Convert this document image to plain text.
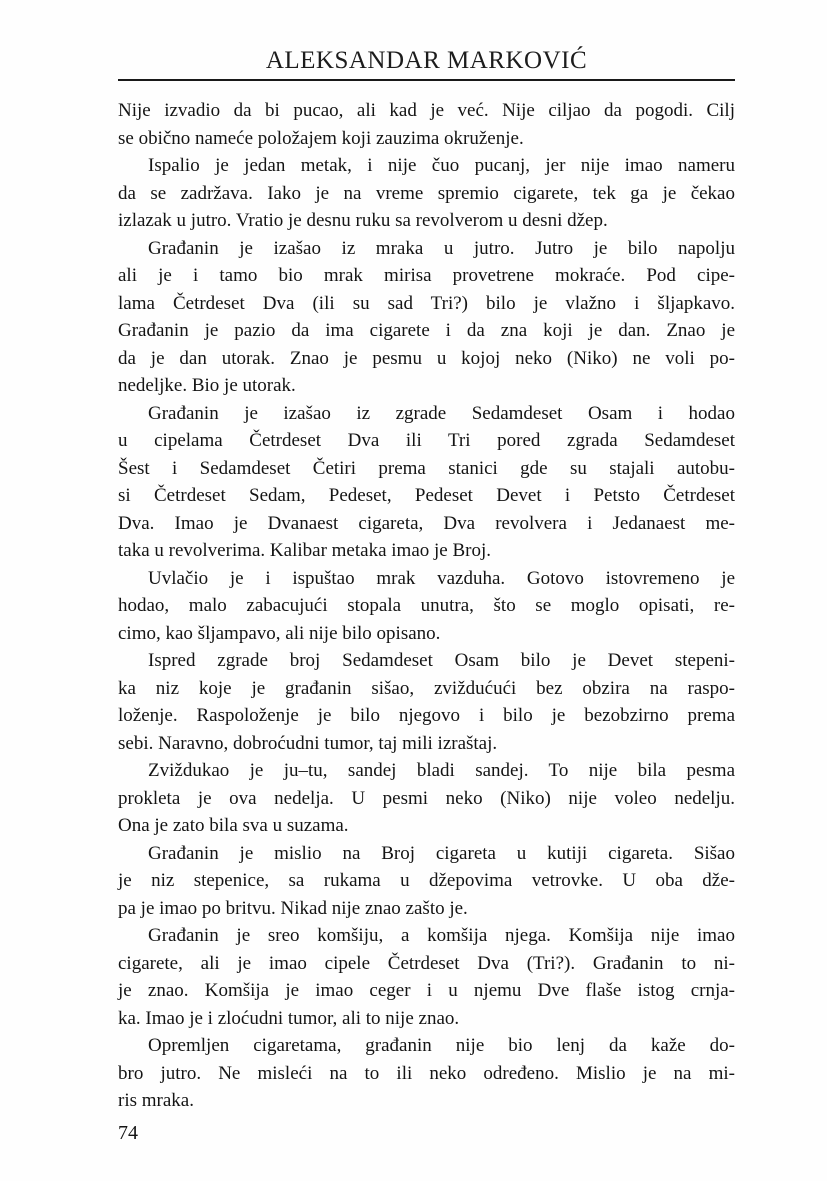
ALEKSANDAR MARKOVIĆ
Nije izvadio da bi pucao, ali kad je već. Nije ciljao da pogodi. Cilj
se obično nameće položajem koji zauzima okruženje.
Ispalio je jedan metak, i nije čuo pucanj, jer nije imao nameru
da se zadržava. Iako je na vreme spremio cigarete, tek ga je čekao
izlazak u jutro. Vratio je desnu ruku sa revolverom u desni džep.
Građanin je izašao iz mraka u jutro. Jutro je bilo napolju
ali je i tamo bio mrak mirisa provetrene mokraće. Pod cipe-
lama Četrdeset Dva (ili su sad Tri?) bilo je vlažno i šljapkavo.
Građanin je pazio da ima cigarete i da zna koji je dan. Znao je
da je dan utorak. Znao je pesmu u kojoj neko (Niko) ne voli po-
nedeljke. Bio je utorak.
Građanin je izašao iz zgrade Sedamdeset Osam i hodao
u cipelama Četrdeset Dva ili Tri pored zgrada Sedamdeset
Šest i Sedamdeset Četiri prema stanici gde su stajali autobu-
si Četrdeset Sedam, Pedeset, Pedeset Devet i Petsto Četrdeset
Dva. Imao je Dvanaest cigareta, Dva revolvera i Jedanaest me-
taka u revolverima. Kalibar metaka imao je Broj.
Uvlačio je i ispuštao mrak vazduha. Gotovo istovremeno je
hodao, malo zabacujući stopala unutra, što se moglo opisati, re-
cimo, kao šljampavo, ali nije bilo opisano.
Ispred zgrade broj Sedamdeset Osam bilo je Devet stepeni-
ka niz koje je građanin sišao, zviždućući bez obzira na raspo-
loženje. Raspoloženje je bilo njegovo i bilo je bezobzirno prema
sebi. Naravno, dobroćudni tumor, taj mili izraštaj.
Zviždukao je ju–tu, sandej bladi sandej. To nije bila pesma
prokleta je ova nedelja. U pesmi neko (Niko) nije voleo nedelju.
Ona je zato bila sva u suzama.
Građanin je mislio na Broj cigareta u kutiji cigareta. Sišao
je niz stepenice, sa rukama u džepovima vetrovke. U oba dže-
pa je imao po britvu. Nikad nije znao zašto je.
Građanin je sreo komšiju, a komšija njega. Komšija nije imao
cigarete, ali je imao cipele Četrdeset Dva (Tri?). Građanin to ni-
je znao. Komšija je imao ceger i u njemu Dve flaše istog crnja-
ka. Imao je i zloćudni tumor, ali to nije znao.
Opremljen cigaretama, građanin nije bio lenj da kaže do-
bro jutro. Ne misleći na to ili neko određeno. Mislio je na mi-
ris mraka.
74
